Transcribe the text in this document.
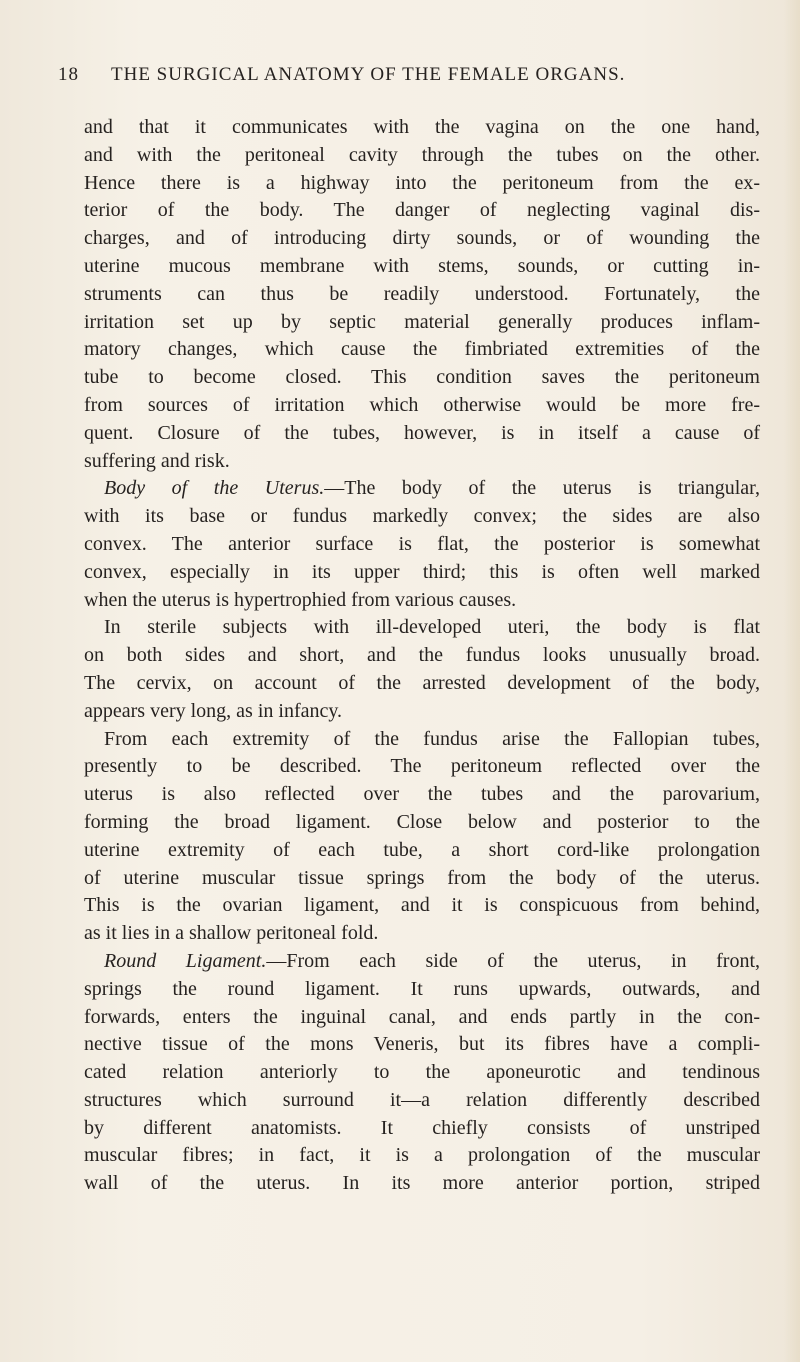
18 THE SURGICAL ANATOMY OF THE FEMALE ORGANS.
and that it communicates with the vagina on the one hand,
and with the peritoneal cavity through the tubes on the other.
Hence there is a highway into the peritoneum from the ex-
terior of the body. The danger of neglecting vaginal dis-
charges, and of introducing dirty sounds, or of wounding the
uterine mucous membrane with stems, sounds, or cutting in-
struments can thus be readily understood. Fortunately, the
irritation set up by septic material generally produces inflam-
matory changes, which cause the fimbriated extremities of the
tube to become closed. This condition saves the peritoneum
from sources of irritation which otherwise would be more fre-
quent. Closure of the tubes, however, is in itself a cause of
suffering and risk.
Body of the Uterus.—The body of the uterus is triangular,
with its base or fundus markedly convex; the sides are also
convex. The anterior surface is flat, the posterior is somewhat
convex, especially in its upper third; this is often well marked
when the uterus is hypertrophied from various causes.
In sterile subjects with ill-developed uteri, the body is flat
on both sides and short, and the fundus looks unusually broad.
The cervix, on account of the arrested development of the body,
appears very long, as in infancy.
From each extremity of the fundus arise the Fallopian tubes,
presently to be described. The peritoneum reflected over the
uterus is also reflected over the tubes and the parovarium,
forming the broad ligament. Close below and posterior to the
uterine extremity of each tube, a short cord-like prolongation
of uterine muscular tissue springs from the body of the uterus.
This is the ovarian ligament, and it is conspicuous from behind,
as it lies in a shallow peritoneal fold.
Round Ligament.—From each side of the uterus, in front,
springs the round ligament. It runs upwards, outwards, and
forwards, enters the inguinal canal, and ends partly in the con-
nective tissue of the mons Veneris, but its fibres have a compli-
cated relation anteriorly to the aponeurotic and tendinous
structures which surround it—a relation differently described
by different anatomists. It chiefly consists of unstriped
muscular fibres; in fact, it is a prolongation of the muscular
wall of the uterus. In its more anterior portion, striped
